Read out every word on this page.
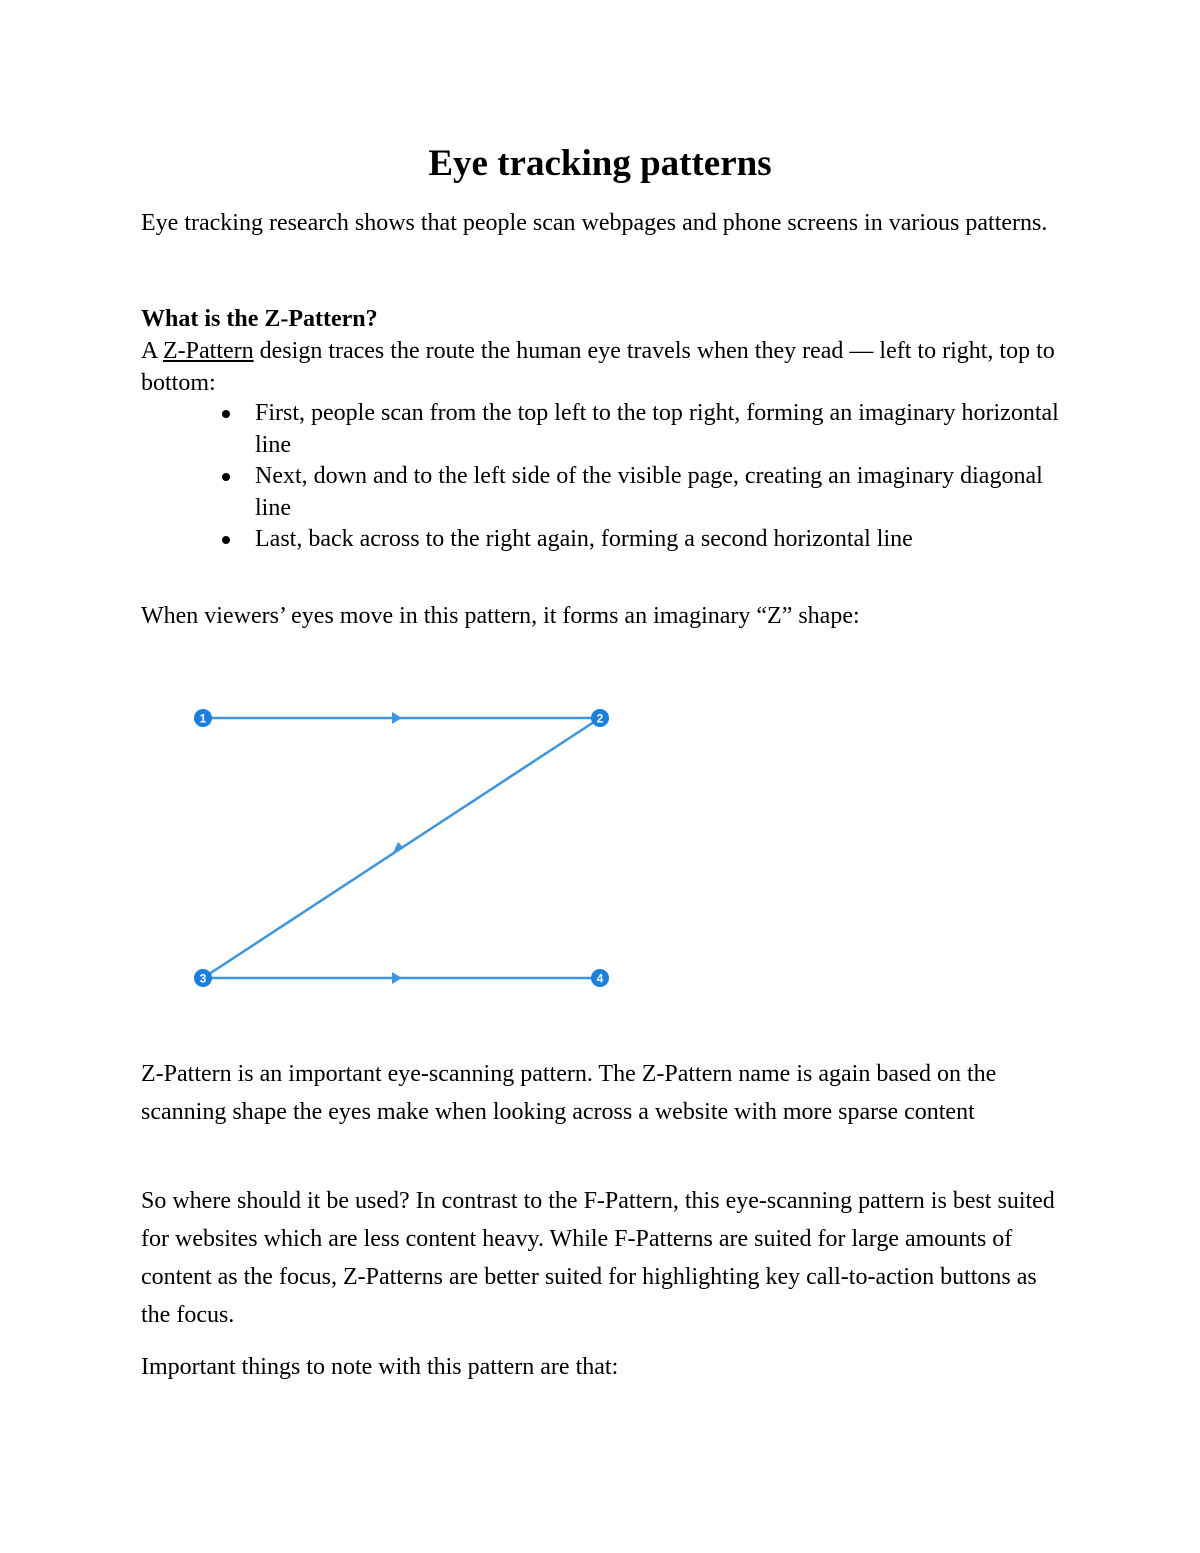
Eye tracking patterns

Eye tracking research shows that people scan webpages and phone screens in various patterns.

What is the Z-Pattern?

A Z-Pattern design traces the route the human eye travels when they read — left to right, top to bottom:

First, people scan from the top left to the top right, forming an imaginary horizontal line
Next, down and to the left side of the visible page, creating an imaginary diagonal line
Last, back across to the right again, forming a second horizontal line

When viewers’ eyes move in this pattern, it forms an imaginary “Z” shape:

1	2
3	4

Z-Pattern is an important eye-scanning pattern. The Z-Pattern name is again based on the scanning shape the eyes make when looking across a website with more sparse content

So where should it be used? In contrast to the F-Pattern, this eye-scanning pattern is best suited for websites which are less content heavy. While F-Patterns are suited for large amounts of content as the focus, Z-Patterns are better suited for highlighting key call-to-action buttons as the focus.

Important things to note with this pattern are that:
